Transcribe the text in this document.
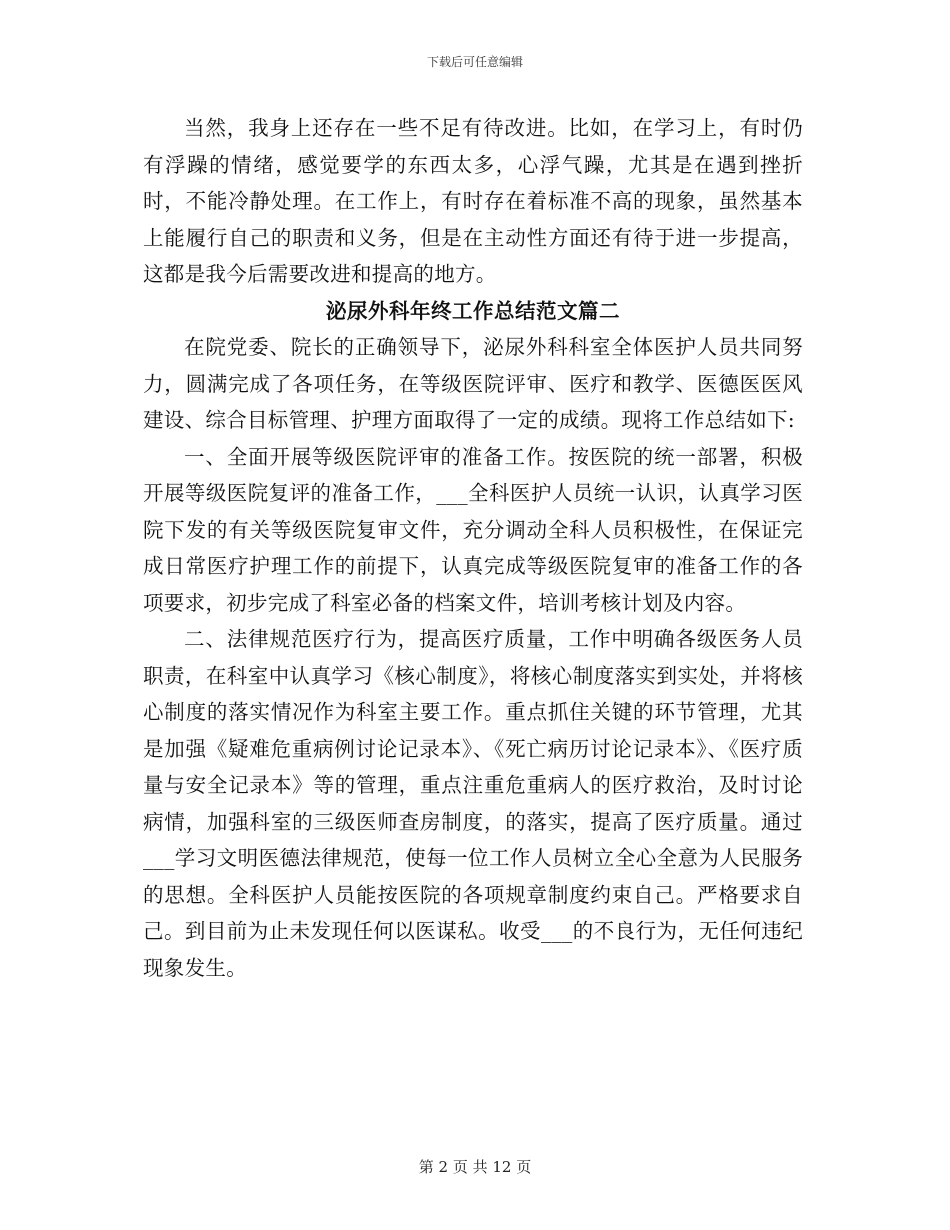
下载后可任意编辑

当然，我身上还存在一些不足有待改进。比如，在学习上，有时仍有浮躁的情绪，感觉要学的东西太多，心浮气躁，尤其是在遇到挫折时，不能冷静处理。在工作上，有时存在着标准不高的现象，虽然基本上能履行自己的职责和义务，但是在主动性方面还有待于进一步提高，这都是我今后需要改进和提高的地方。

泌尿外科年终工作总结范文篇二

在院党委、院长的正确领导下，泌尿外科科室全体医护人员共同努力，圆满完成了各项任务，在等级医院评审、医疗和教学、医德医医风建设、综合目标管理、护理方面取得了一定的成绩。现将工作总结如下:

一、全面开展等级医院评审的准备工作。按医院的统一部署，积极开展等级医院复评的准备工作，___全科医护人员统一认识，认真学习医院下发的有关等级医院复审文件，充分调动全科人员积极性，在保证完成日常医疗护理工作的前提下，认真完成等级医院复审的准备工作的各项要求，初步完成了科室必备的档案文件，培训考核计划及内容。

二、法律规范医疗行为，提高医疗质量，工作中明确各级医务人员职责，在科室中认真学习《核心制度》，将核心制度落实到实处，并将核心制度的落实情况作为科室主要工作。重点抓住关键的环节管理，尤其是加强《疑难危重病例讨论记录本》、《死亡病历讨论记录本》、《医疗质量与安全记录本》等的管理，重点注重危重病人的医疗救治，及时讨论病情，加强科室的三级医师查房制度，的落实，提高了医疗质量。通过___学习文明医德法律规范，使每一位工作人员树立全心全意为人民服务的思想。全科医护人员能按医院的各项规章制度约束自己。严格要求自己。到目前为止未发现任何以医谋私。收受___的不良行为，无任何违纪现象发生。

第 2 页 共 12 页
